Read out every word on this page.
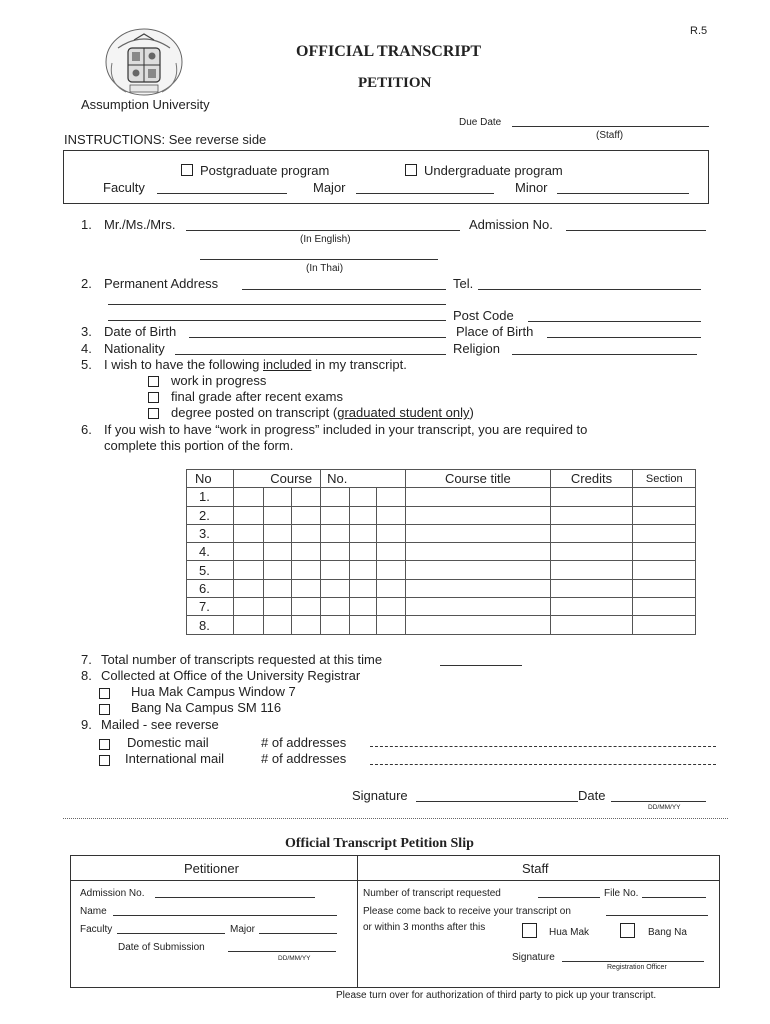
R.5
OFFICIAL TRANSCRIPT
PETITION
Assumption University
Due Date
(Staff)
INSTRUCTIONS: See reverse side
Postgraduate program	Undergraduate program
Faculty	Major	Minor
1. Mr./Ms./Mrs.	Admission No.
(In English)
(In Thai)
2. Permanent Address	Tel.
Post Code
3. Date of Birth	Place of Birth
4. Nationality	Religion
5. I wish to have the following included in my transcript.
work in progress
final grade after recent exams
degree posted on transcript (graduated student only)
6. If you wish to have “work in progress” included in your transcript, you are required to
complete this portion of the form.
No	Course			No.			Course title	Credits	Section
1.									
2.									
3.									
4.									
5.									
6.									
7.									
8.									
7. Total number of transcripts requested at this time
8. Collected at Office of the University Registrar
Hua Mak Campus Window 7
Bang Na Campus SM 116
9. Mailed - see reverse
Domestic mail	# of addresses
International mail	# of addresses
Signature	Date
DD/MM/YY
Official Transcript Petition Slip
Petitioner	Staff
Admission No.
Name
Faculty	Major
Date of Submission
DD/MM/YY
Number of transcript requested	File No.
Please come back to receive your transcript on
or within 3 months after this	Hua Mak	Bang Na
Signature
Registration Officer
Please turn over for authorization of third party to pick up your transcript.
